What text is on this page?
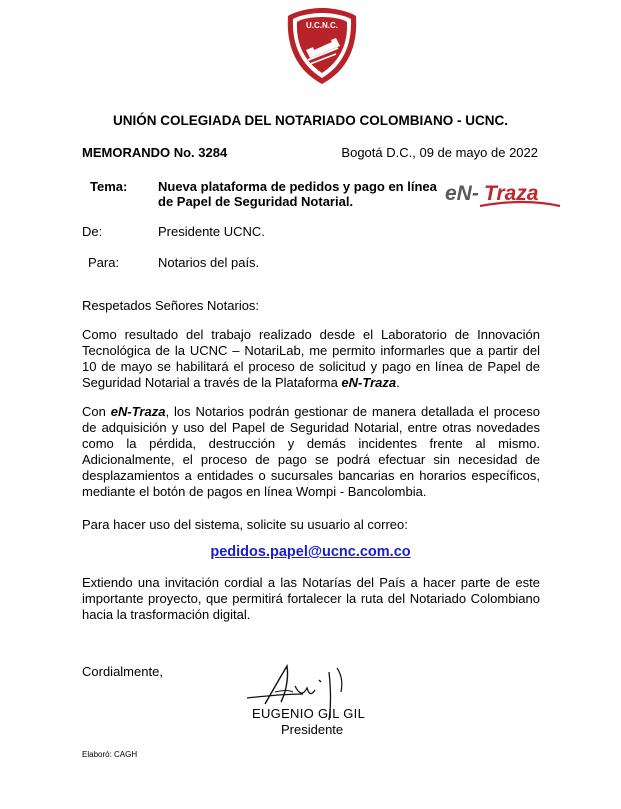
U.C.N.C.
UNIÓN COLEGIADA DEL NOTARIADO COLOMBIANO - UCNC.
MEMORANDO No. 3284	Bogotá D.C., 09 de mayo de 2022
Tema: Nueva plataforma de pedidos y pago en línea
de Papel de Seguridad Notarial.	eN- Traza
De:	Presidente UCNC.
Para:	Notarios del país.
Respetados Señores Notarios:

Como resultado del trabajo realizado desde el Laboratorio de Innovación Tecnológica de la UCNC – NotariLab, me permito informarles que a partir del 10 de mayo se habilitará el proceso de solicitud y pago en línea de Papel de Seguridad Notarial a través de la Plataforma eN-Traza.

Con eN-Traza, los Notarios podrán gestionar de manera detallada el proceso de adquisición y uso del Papel de Seguridad Notarial, entre otras novedades como la pérdida, destrucción y demás incidentes frente al mismo. Adicionalmente, el proceso de pago se podrá efectuar sin necesidad de desplazamientos a entidades o sucursales bancarias en horarios específicos, mediante el botón de pagos en línea Wompi - Bancolombia.

Para hacer uso del sistema, solicite su usuario al correo:

pedidos.papel@ucnc.com.co

Extiendo una invitación cordial a las Notarías del País a hacer parte de este importante proyecto, que permitirá fortalecer la ruta del Notariado Colombiano hacia la trasformación digital.

Cordialmente,
EUGENIO GIL GIL
Presidente
Elaboró: CAGH
